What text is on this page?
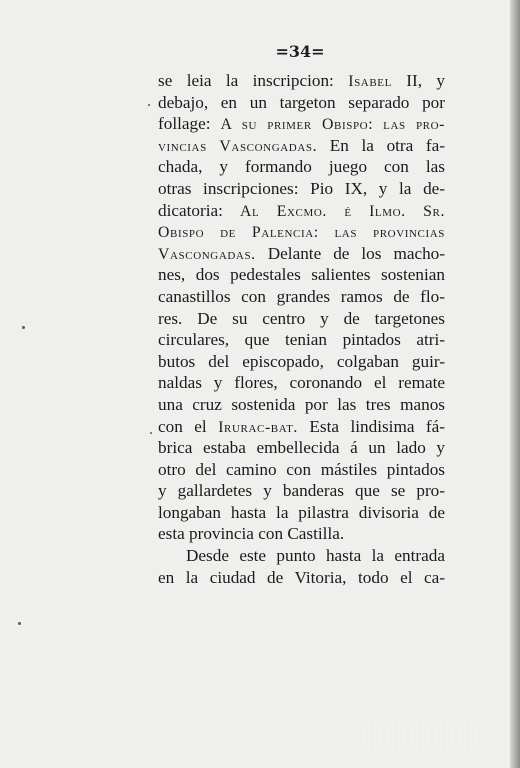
=34=
se leia la inscripcion: Isabel II, y
debajo, en un targeton separado por
follage: A su primer Obispo: las pro-
vincias Vascongadas. En la otra fa-
chada, y formando juego con las
otras inscripciones: Pio IX, y la de-
dicatoria: Al Excmo. é Ilmo. Sr.
Obispo de Palencia: las provincias
Vascongadas. Delante de los macho-
nes, dos pedestales salientes sostenian
canastillos con grandes ramos de flo-
res. De su centro y de targetones
circulares, que tenian pintados atri-
butos del episcopado, colgaban guir-
naldas y flores, coronando el remate
una cruz sostenida por las tres manos
con el Irurac-bat. Esta lindisima fá-
brica estaba embellecida á un lado y
otro del camino con mástiles pintados
y gallardetes y banderas que se pro-
longaban hasta la pilastra divisoria de
esta provincia con Castilla.
Desde este punto hasta la entrada
en la ciudad de Vitoria, todo el ca-
